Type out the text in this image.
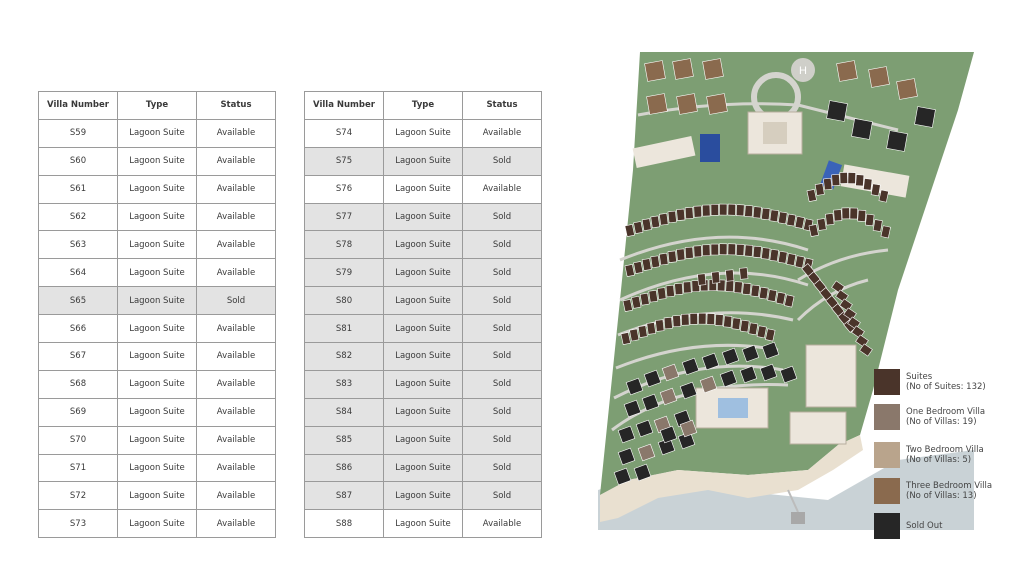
Villa Number	Type	Status
S59	Lagoon Suite	Available
S60	Lagoon Suite	Available
S61	Lagoon Suite	Available
S62	Lagoon Suite	Available
S63	Lagoon Suite	Available
S64	Lagoon Suite	Available
S65	Lagoon Suite	Sold
S66	Lagoon Suite	Available
S67	Lagoon Suite	Available
S68	Lagoon Suite	Available
S69	Lagoon Suite	Available
S70	Lagoon Suite	Available
S71	Lagoon Suite	Available
S72	Lagoon Suite	Available
S73	Lagoon Suite	Available
Villa Number	Type	Status
S74	Lagoon Suite	Available
S75	Lagoon Suite	Sold
S76	Lagoon Suite	Available
S77	Lagoon Suite	Sold
S78	Lagoon Suite	Sold
S79	Lagoon Suite	Sold
S80	Lagoon Suite	Sold
S81	Lagoon Suite	Sold
S82	Lagoon Suite	Sold
S83	Lagoon Suite	Sold
S84	Lagoon Suite	Sold
S85	Lagoon Suite	Sold
S86	Lagoon Suite	Sold
S87	Lagoon Suite	Sold
S88	Lagoon Suite	Available
H
Suites
(No of Suites: 132)
One Bedroom Villa
(No of Villas: 19)
Two Bedroom Villa
(No of Villas: 5)
Three Bedroom Villa
(No of Villas: 13)
Sold Out
